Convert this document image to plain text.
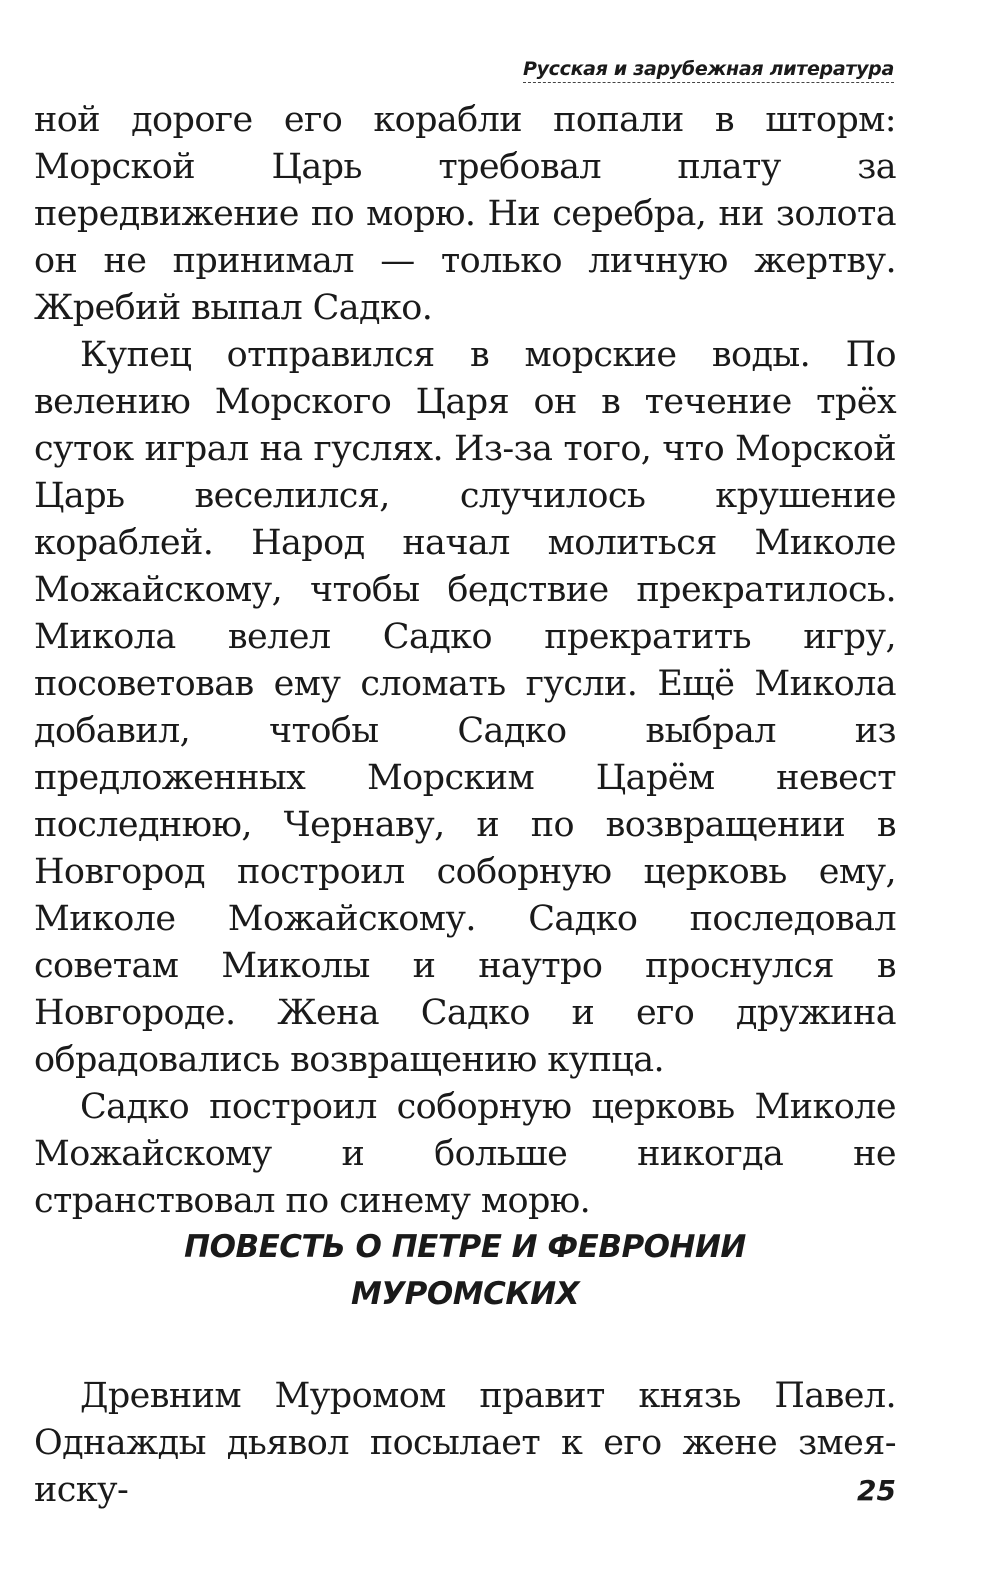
Русская и зарубежная литература

ной дороге его корабли попали в шторм: Морской Царь требовал плату за передвижение по морю. Ни серебра, ни золота он не принимал — только личную жертву. Жребий выпал Садко.

Купец отправился в морские воды. По велению Морского Царя он в течение трёх суток играл на гуслях. Из-за того, что Морской Царь веселился, случилось крушение кораблей. Народ начал молиться Миколе Можайскому, чтобы бедствие прекратилось. Микола велел Садко прекратить игру, посоветовав ему сломать гусли. Ещё Микола добавил, чтобы Садко выбрал из предложенных Морским Царём невест последнюю, Чернаву, и по возвращении в Новгород построил соборную церковь ему, Миколе Можайскому. Садко последовал советам Миколы и наутро проснулся в Новгороде. Жена Садко и его дружина обрадовались возвращению купца.

Садко построил соборную церковь Миколе Можайскому и больше никогда не странствовал по синему морю.

ПОВЕСТЬ О ПЕТРЕ И ФЕВРОНИИ
МУРОМСКИХ

Древним Муромом правит князь Павел. Однажды дьявол посылает к его жене змея-иску-	25
